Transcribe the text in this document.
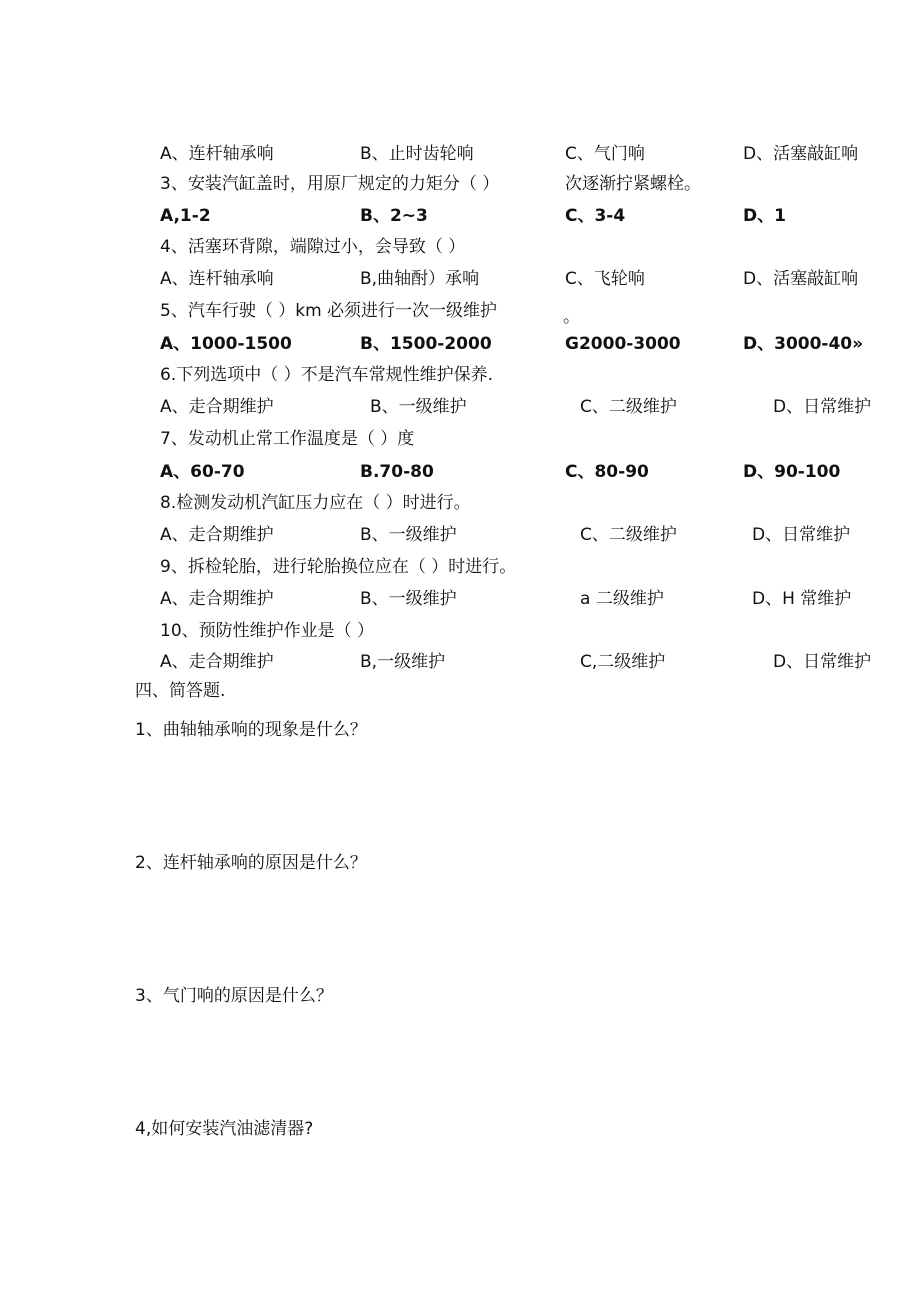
A、连杆轴承响	B、止时齿轮响	C、气门响	D、活塞敲缸响
3、安装汽缸盖时，用原厂规定的力矩分（ ）	次逐渐拧紧螺栓。
A,1-2	B、2~3	C、3-4	D、1
4、活塞环背隙，端隙过小，会导致（ ）
A、连杆轴承响	B,曲轴酎）承响	C、飞轮响	D、活塞敲缸响
5、汽车行驶（ ）km 必须进行一次一级维护	。
A、1000-1500	B、1500-2000	G2000-3000	D、3000-40»
6.下列选项中（ ）不是汽车常规性维护保养.
A、走合期维护	B、一级维护	C、二级维护	D、日常维护
7、发动机止常工作温度是（ ）度
A、60-70	B.70-80	C、80-90	D、90-100
8.检测发动机汽缸压力应在（ ）时进行。
A、走合期维护	B、一级维护	C、二级维护	D、日常维护
9、拆检轮胎，进行轮胎换位应在（ ）时进行。
A、走合期维护	B、一级维护	a 二级维护	D、H 常维护
10、预防性维护作业是（ ）
A、走合期维护	B,一级维护	C,二级维护	D、日常维护
四、简答题.
1、曲轴轴承响的现象是什么？
2、连杆轴承响的原因是什么？
3、气门响的原因是什么？
4,如何安装汽油滤清器?
